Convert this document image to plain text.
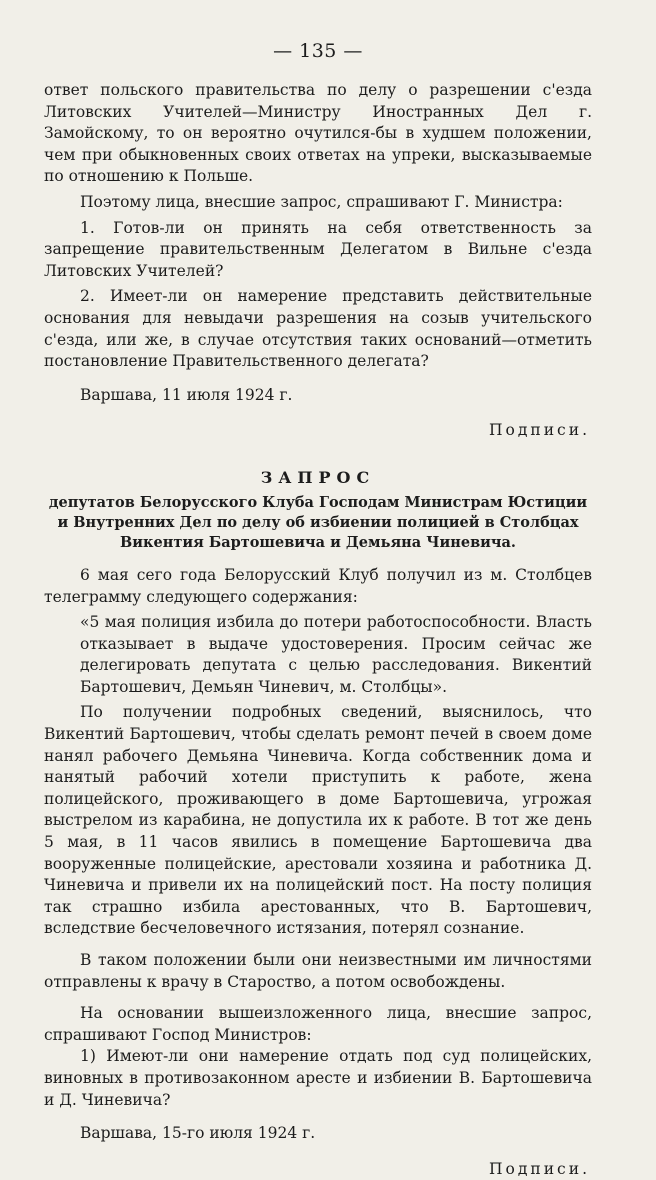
— 135 —

ответ польского правительства по делу о разрешении с'езда Литовских Учителей—Министру Иностранных Дел г. Замойскому, то он вероятно очутился-бы в худшем положении, чем при обыкновенных своих ответах на упреки, высказываемые по отношению к Польше.

Поэтому лица, внесшие запрос, спрашивают Г. Министра:

1. Готов-ли он принять на себя ответственность за запрещение правительственным Делегатом в Вильне с'езда Литовских Учителей?

2. Имеет-ли он намерение представить действительные основания для невыдачи разрешения на созыв учительского с'езда, или же, в случае отсутствия таких оснований—отметить постановление Правительственного делегата?

Варшава, 11 июля 1924 г.

Подписи.

ЗАПРОС
депутатов Белорусского Клуба Господам Министрам Юстиции и Внутренних Дел по делу об избиении полицией в Столбцах Викентия Бартошевича и Демьяна Чиневича.

6 мая сего года Белорусский Клуб получил из м. Столбцев телеграмму следующего содержания:

«5 мая полиция избила до потери работоспособности. Власть отказывает в выдаче удостоверения. Просим сейчас же делегировать депутата с целью расследования. Викентий Бартошевич, Демьян Чиневич, м. Столбцы».

По получении подробных сведений, выяснилось, что Викентий Бартошевич, чтобы сделать ремонт печей в своем доме нанял рабочего Демьяна Чиневича. Когда собственник дома и нанятый рабочий хотели приступить к работе, жена полицейского, проживающего в доме Бартошевича, угрожая выстрелом из карабина, не допустила их к работе. В тот же день 5 мая, в 11 часов явились в помещение Бартошевича два вооруженные полицейские, арестовали хозяина и работника Д. Чиневича и привели их на полицейский пост. На посту полиция так страшно избила арестованных, что В. Бартошевич, вследствие бесчеловечного истязания, потерял сознание.

В таком положении были они неизвестными им личностями отправлены к врачу в Староство, а потом освобождены.

На основании вышеизложенного лица, внесшие запрос, спрашивают Господ Министров:

1) Имеют-ли они намерение отдать под суд полицейских, виновных в противозаконном аресте и избиении В. Бартошевича и Д. Чиневича?

Варшава, 15-го июля 1924 г.

Подписи.
